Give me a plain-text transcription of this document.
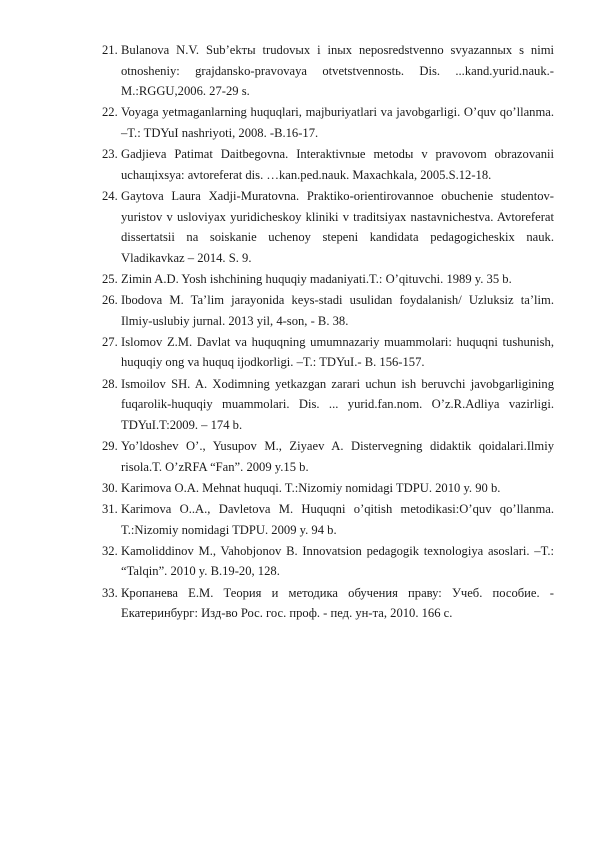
21. Bulanova N.V. Sub’ekты trudovых i inых neposredstvenno svyazannых s nimi otnosheniy: grajdansko-pravovaya otvetstvennostь. Dis. ...kand.yurid.nauk.-M.:RGGU,2006. 27-29 s.
22. Voyaga yetmaganlarning huquqlari, majburiyatlari va javobgarligi. O’quv qo’llanma. –T.: TDYuI nashriyoti, 2008. -B.16-17.
23. Gadjieva Patimat Daitbegovna. Interaktivnыe metodы v pravovom obrazovanii uchaщixsya: avtoreferat dis. …kan.ped.nauk. Maxachkala, 2005.S.12-18.
24. Gaytova Laura Xadji-Muratovna. Praktiko-orientirovannoe obuchenie studentov-yuristov v usloviyax yuridicheskoy kliniki v traditsiyax nastavnichestva. Avtoreferat dissertatsii na soiskanie uchenoy stepeni kandidata pedagogicheskix nauk. Vladikavkaz – 2014. S. 9.
25. Zimin A.D. Yosh ishchining huquqiy madaniyati.T.: O’qituvchi. 1989 y. 35 b.
26. Ibodova M. Ta’lim jarayonida keys-stadi usulidan foydalanish/ Uzluksiz ta’lim. Ilmiy-uslubiy jurnal. 2013 yil, 4-son, - B. 38.
27. Islomov Z.M. Davlat va huquqning umumnazariy muammolari: huquqni tushunish, huquqiy ong va huquq ijodkorligi. –T.: TDYuI.- B. 156-157.
28. Ismoilov SH. A. Xodimning yetkazgan zarari uchun ish beruvchi javobgarligining fuqarolik-huquqiy muammolari. Dis. ... yurid.fan.nom. O’z.R.Adliya vazirligi. TDYuI.T:2009. – 174 b.
29. Yo’ldoshev O’., Yusupov M., Ziyaev A. Distervegning didaktik qoidalari.Ilmiy risola.T. O’zRFA “Fan”. 2009 y.15 b.
30. Karimova O.A. Mehnat huquqi. T.:Nizomiy nomidagi TDPU. 2010 y. 90 b.
31. Karimova O..A., Davletova M. Huquqni o’qitish metodikasi:O’quv qo’llanma. T.:Nizomiy nomidagi TDPU. 2009 y. 94 b.
32. Kamoliddinov M., Vahobjonov B. Innovatsion pedagogik texnologiya asoslari. –T.: “Talqin”. 2010 y. B.19-20, 128.
33. Кропанева Е.М. Теория и методика обучения праву: Учеб. пособие. - Екатеринбург: Изд-во Рос. гос. проф. - пед. ун-та, 2010. 166 с.
